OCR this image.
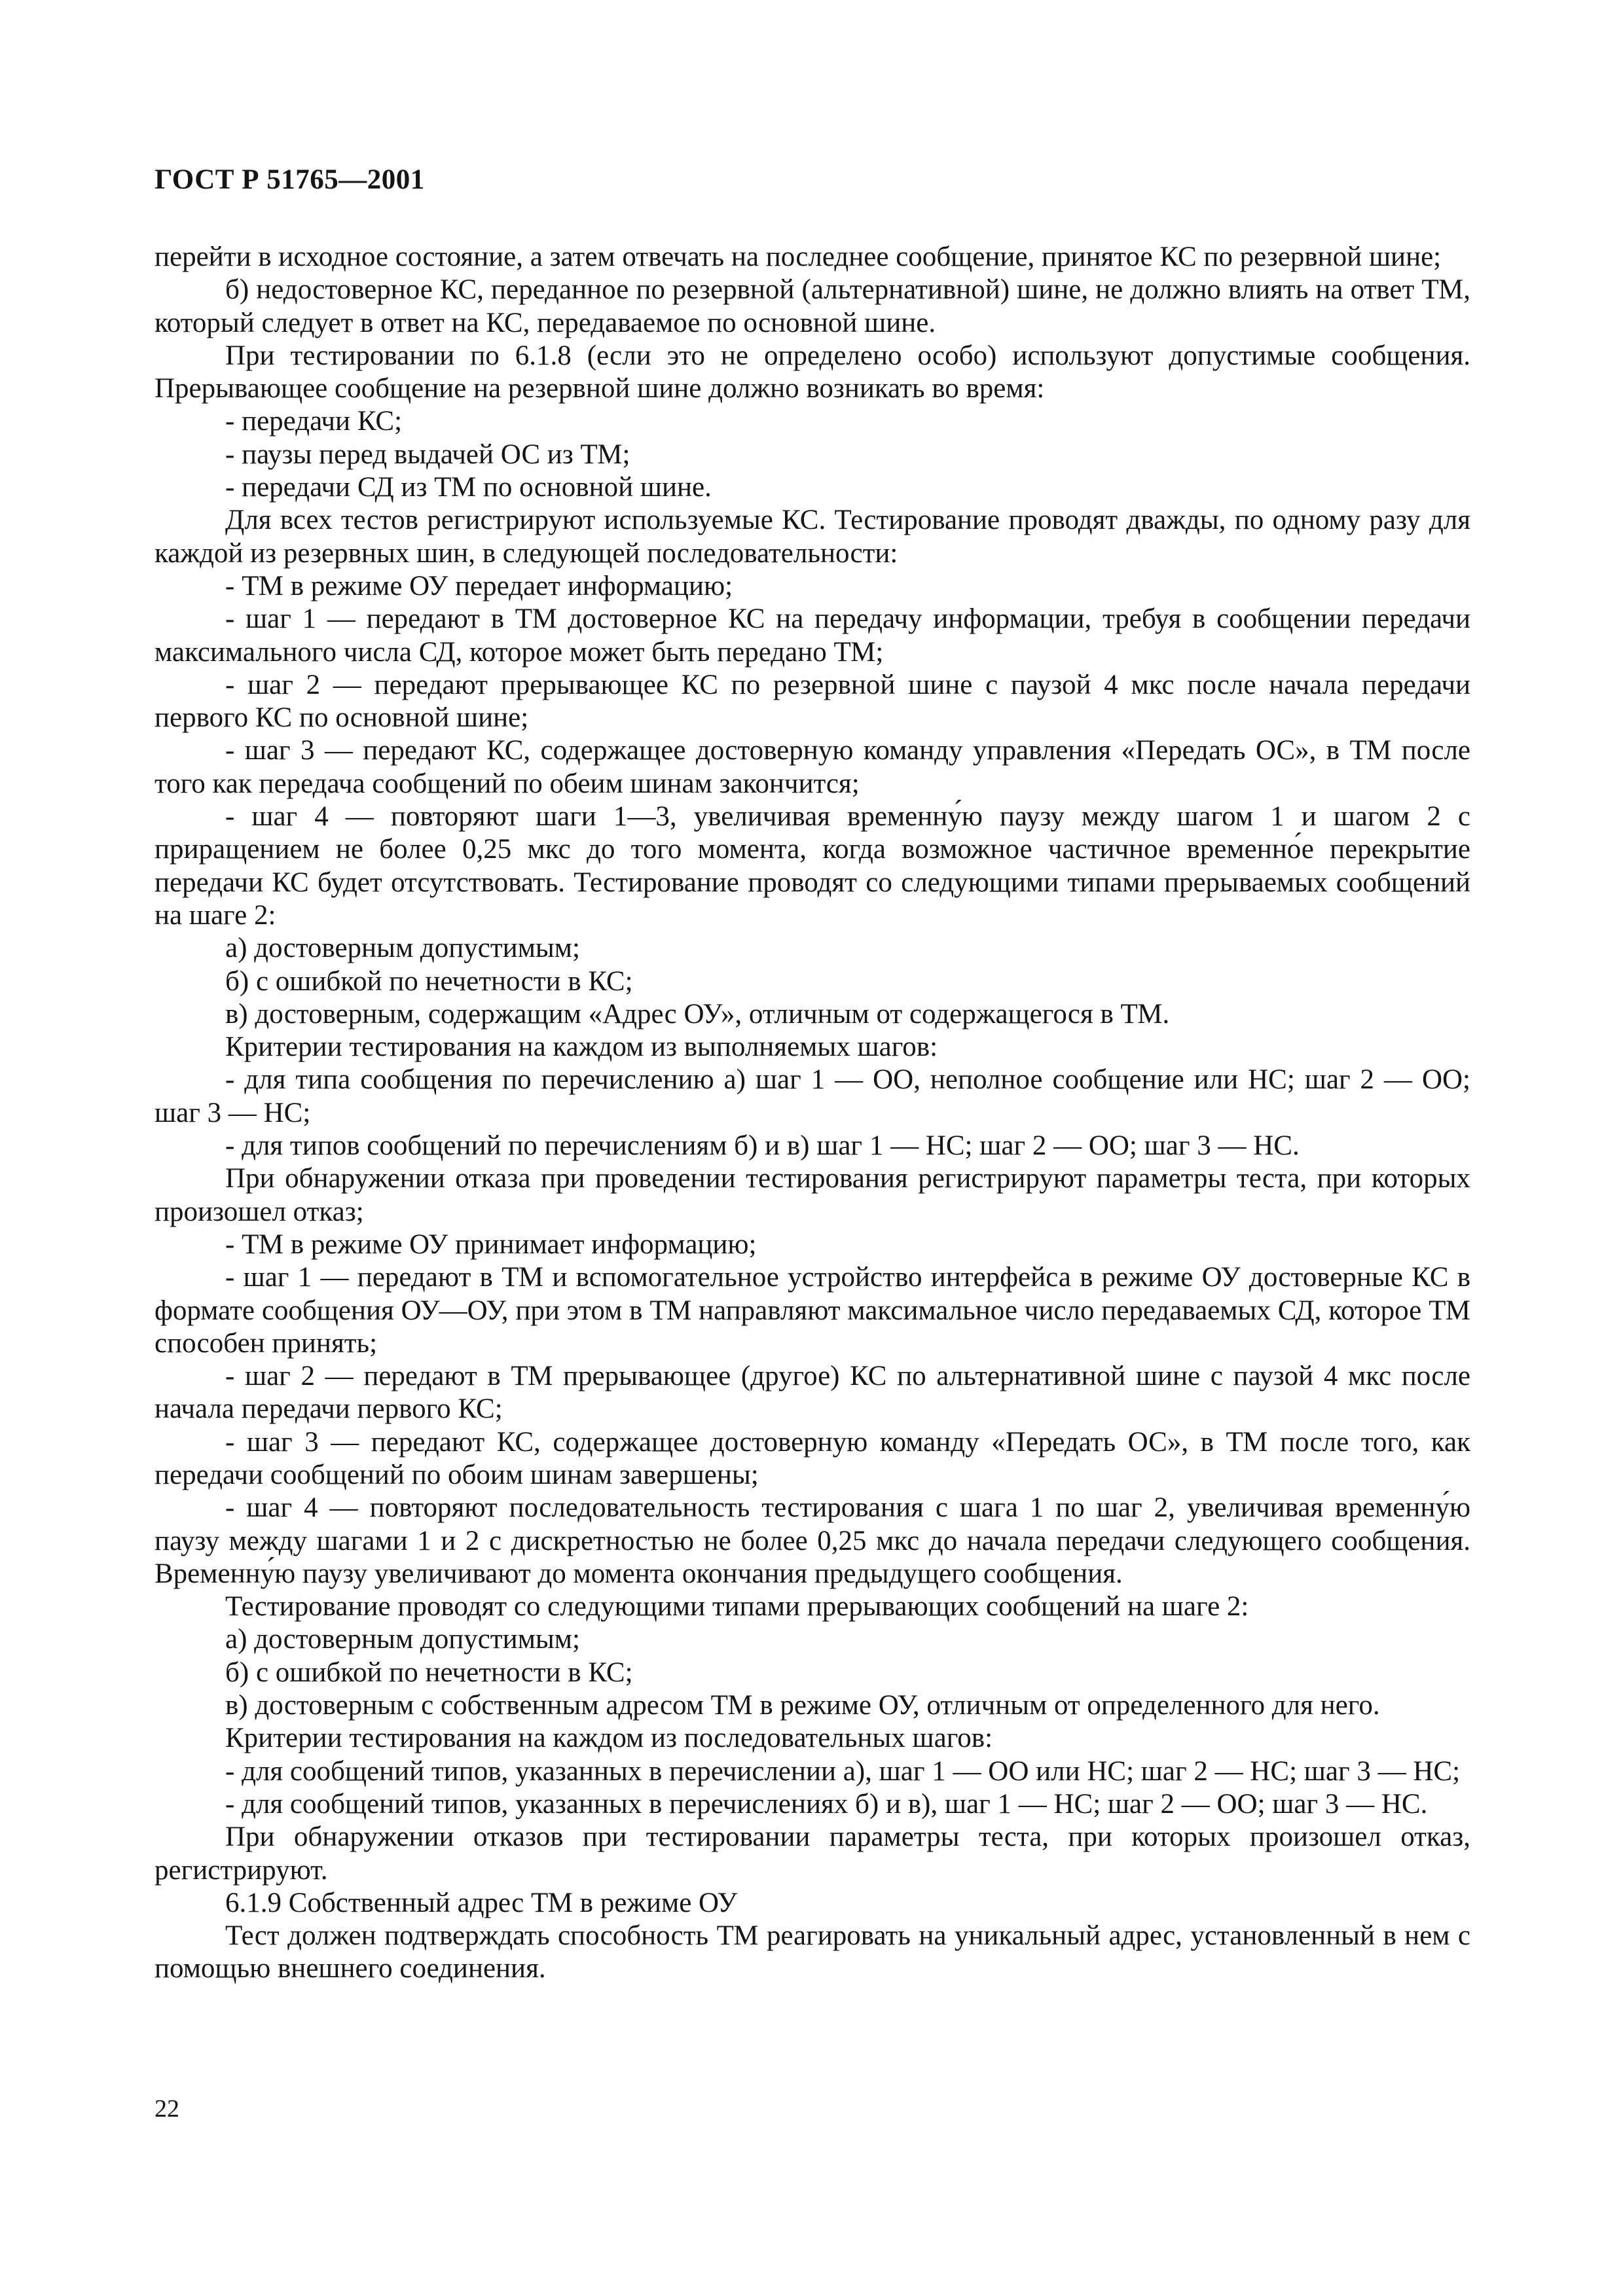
ГОСТ Р 51765—2001

перейти в исходное состояние, а затем отвечать на последнее сообщение, принятое КС по резервной шине;

б) недостоверное КС, переданное по резервной (альтернативной) шине, не должно влиять на ответ ТМ, который следует в ответ на КС, передаваемое по основной шине.

При тестировании по 6.1.8 (если это не определено особо) используют допустимые сообщения. Прерывающее сообщение на резервной шине должно возникать во время:

- передачи КС;

- паузы перед выдачей ОС из ТМ;

- передачи СД из ТМ по основной шине.

Для всех тестов регистрируют используемые КС. Тестирование проводят дважды, по одному разу для каждой из резервных шин, в следующей последовательности:

- ТМ в режиме ОУ передает информацию;

- шаг 1 — передают в ТМ достоверное КС на передачу информации, требуя в сообщении передачи максимального числа СД, которое может быть передано ТМ;

- шаг 2 — передают прерывающее КС по резервной шине с паузой 4 мкс после начала передачи первого КС по основной шине;

- шаг 3 — передают КС, содержащее достоверную команду управления «Передать ОС», в ТМ после того как передача сообщений по обеим шинам закончится;

- шаг 4 — повторяют шаги 1—3, увеличивая временну́ю паузу между шагом 1 и шагом 2 с приращением не более 0,25 мкс до того момента, когда возможное частичное временно́е перекрытие передачи КС будет отсутствовать. Тестирование проводят со следующими типами прерываемых сообщений на шаге 2:

а) достоверным допустимым;

б) с ошибкой по нечетности в КС;

в) достоверным, содержащим «Адрес ОУ», отличным от содержащегося в ТМ.

Критерии тестирования на каждом из выполняемых шагов:

- для типа сообщения по перечислению а) шаг 1 — ОО, неполное сообщение или НС; шаг 2 — ОО; шаг 3 — НС;

- для типов сообщений по перечислениям б) и в) шаг 1 — НС; шаг 2 — ОО; шаг 3 — НС.

При обнаружении отказа при проведении тестирования регистрируют параметры теста, при которых произошел отказ;

- ТМ в режиме ОУ принимает информацию;

- шаг 1 — передают в ТМ и вспомогательное устройство интерфейса в режиме ОУ достоверные КС в формате сообщения ОУ—ОУ, при этом в ТМ направляют максимальное число передаваемых СД, которое ТМ способен принять;

- шаг 2 — передают в ТМ прерывающее (другое) КС по альтернативной шине с паузой 4 мкс после начала передачи первого КС;

- шаг 3 — передают КС, содержащее достоверную команду «Передать ОС», в ТМ после того, как передачи сообщений по обоим шинам завершены;

- шаг 4 — повторяют последовательность тестирования с шага 1 по шаг 2, увеличивая временну́ю паузу между шагами 1 и 2 с дискретностью не более 0,25 мкс до начала передачи следующего сообщения. Временну́ю паузу увеличивают до момента окончания предыдущего сообщения.

Тестирование проводят со следующими типами прерывающих сообщений на шаге 2:

а) достоверным допустимым;

б) с ошибкой по нечетности в КС;

в) достоверным с собственным адресом ТМ в режиме ОУ, отличным от определенного для него.

Критерии тестирования на каждом из последовательных шагов:

- для сообщений типов, указанных в перечислении а), шаг 1 — ОО или НС; шаг 2 — НС; шаг 3 — НС;

- для сообщений типов, указанных в перечислениях б) и в), шаг 1 — НС; шаг 2 — ОО; шаг 3 — НС.

При обнаружении отказов при тестировании параметры теста, при которых произошел отказ, регистрируют.

6.1.9 Собственный адрес ТМ в режиме ОУ

Тест должен подтверждать способность ТМ реагировать на уникальный адрес, установленный в нем с помощью внешнего соединения.

22
